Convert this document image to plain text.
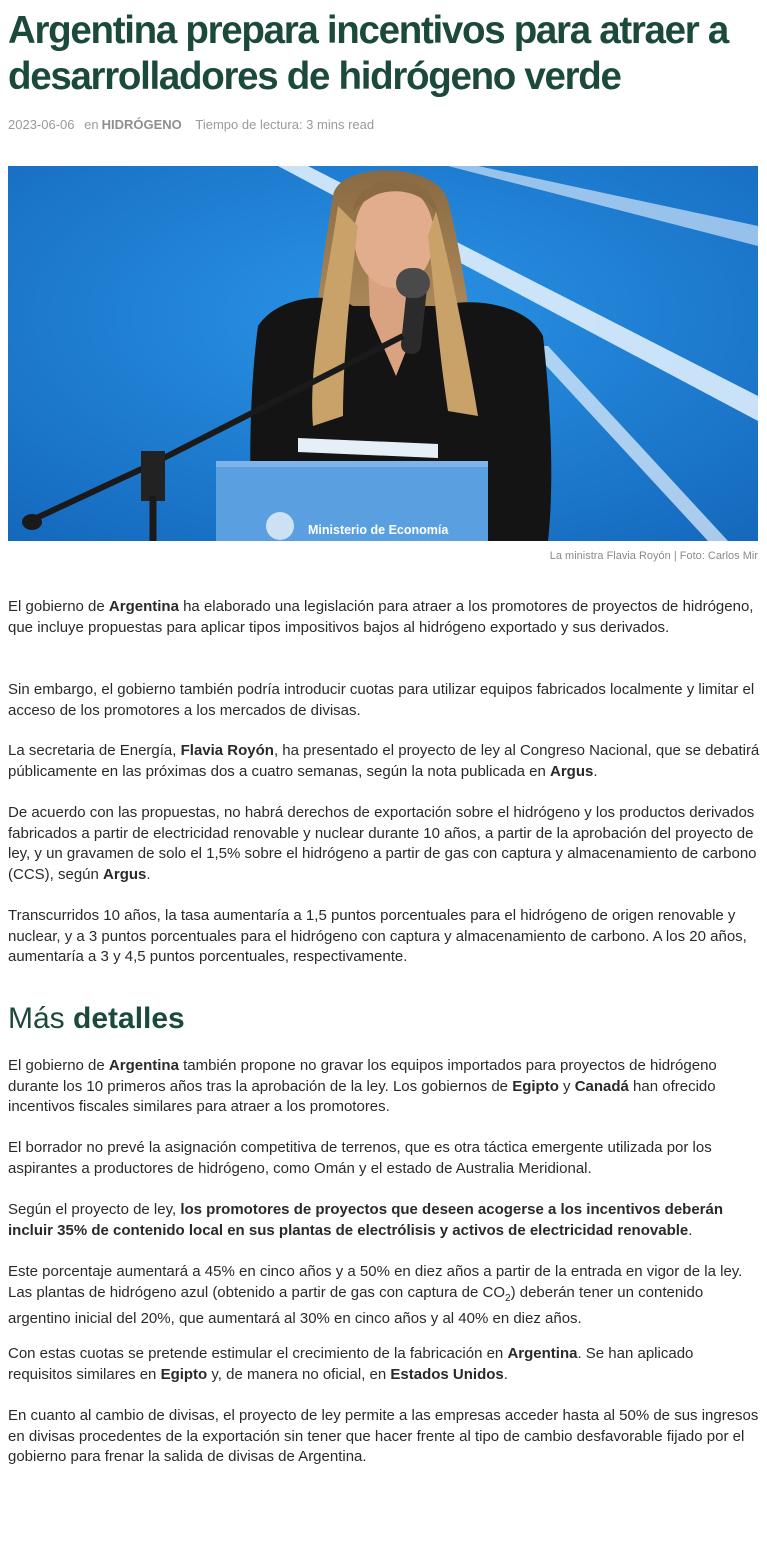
Argentina prepara incentivos para atraer a desarrolladores de hidrógeno verde
2023-06-06 en HIDRÓGENO Tiempo de lectura: 3 mins read
Ministerio de Economía
La ministra Flavia Royón | Foto: Carlos Mir

El gobierno de Argentina ha elaborado una legislación para atraer a los promotores de proyectos de hidrógeno, que incluye propuestas para aplicar tipos impositivos bajos al hidrógeno exportado y sus derivados.

Sin embargo, el gobierno también podría introducir cuotas para utilizar equipos fabricados localmente y limitar el acceso de los promotores a los mercados de divisas.

La secretaria de Energía, Flavia Royón, ha presentado el proyecto de ley al Congreso Nacional, que se debatirá públicamente en las próximas dos a cuatro semanas, según la nota publicada en Argus.

De acuerdo con las propuestas, no habrá derechos de exportación sobre el hidrógeno y los productos derivados fabricados a partir de electricidad renovable y nuclear durante 10 años, a partir de la aprobación del proyecto de ley, y un gravamen de solo el 1,5% sobre el hidrógeno a partir de gas con captura y almacenamiento de carbono (CCS), según Argus.

Transcurridos 10 años, la tasa aumentaría a 1,5 puntos porcentuales para el hidrógeno de origen renovable y nuclear, y a 3 puntos porcentuales para el hidrógeno con captura y almacenamiento de carbono. A los 20 años, aumentaría a 3 y 4,5 puntos porcentuales, respectivamente.

Más detalles

El gobierno de Argentina también propone no gravar los equipos importados para proyectos de hidrógeno durante los 10 primeros años tras la aprobación de la ley. Los gobiernos de Egipto y Canadá han ofrecido incentivos fiscales similares para atraer a los promotores.

El borrador no prevé la asignación competitiva de terrenos, que es otra táctica emergente utilizada por los aspirantes a productores de hidrógeno, como Omán y el estado de Australia Meridional.

Según el proyecto de ley, los promotores de proyectos que deseen acogerse a los incentivos deberán incluir 35% de contenido local en sus plantas de electrólisis y activos de electricidad renovable.

Este porcentaje aumentará a 45% en cinco años y a 50% en diez años a partir de la entrada en vigor de la ley. Las plantas de hidrógeno azul (obtenido a partir de gas con captura de $CO_2$) deberán tener un contenido argentino inicial del 20%, que aumentará al 30% en cinco años y al 40% en diez años.

Con estas cuotas se pretende estimular el crecimiento de la fabricación en Argentina. Se han aplicado requisitos similares en Egipto y, de manera no oficial, en Estados Unidos.

En cuanto al cambio de divisas, el proyecto de ley permite a las empresas acceder hasta al 50% de sus ingresos en divisas procedentes de la exportación sin tener que hacer frente al tipo de cambio desfavorable fijado por el gobierno para frenar la salida de divisas de Argentina.
